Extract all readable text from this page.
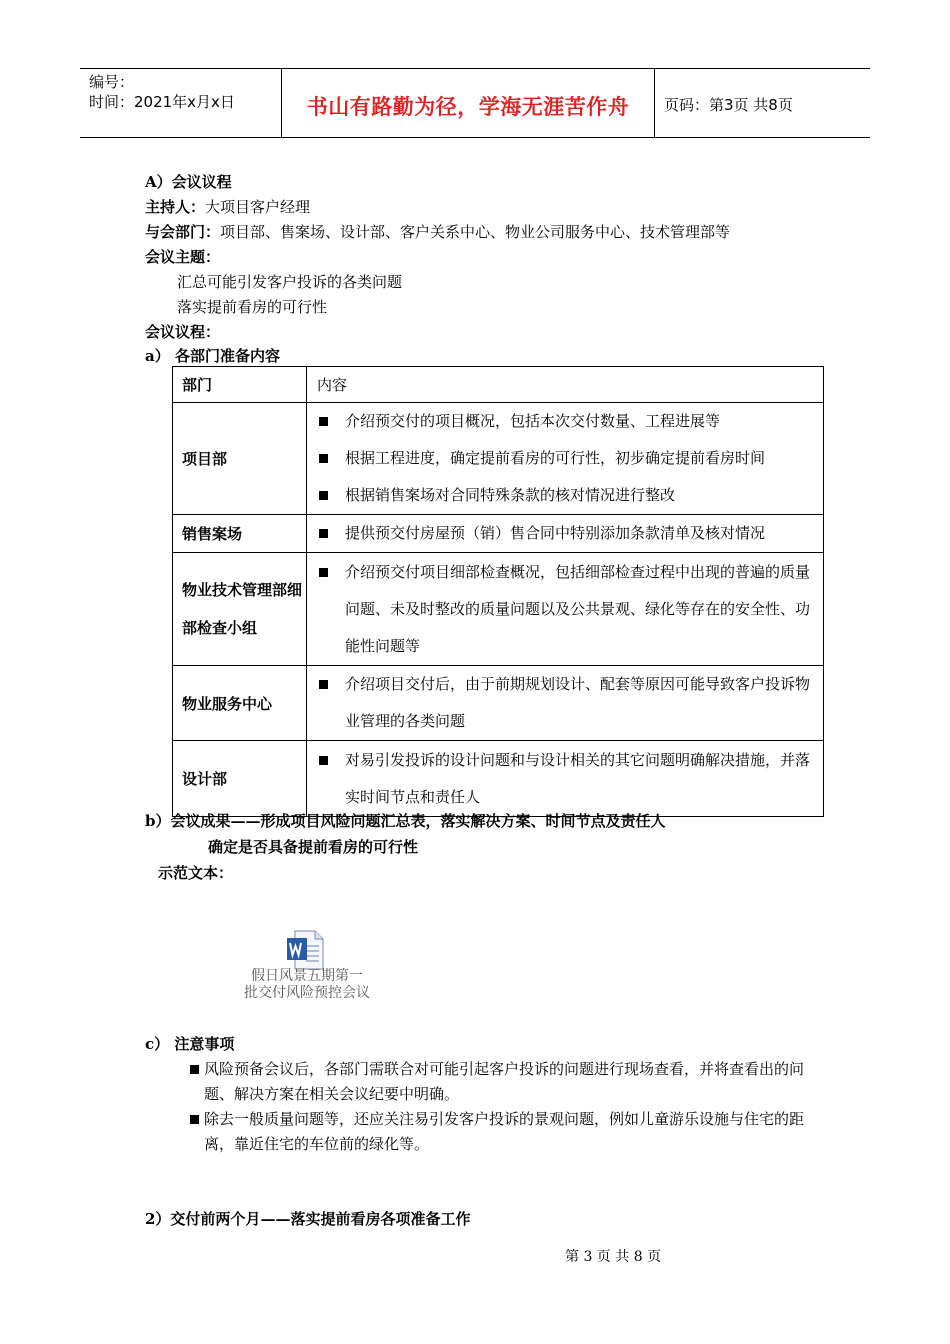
编号：
时间：2021年x月x日	书山有路勤为径，学海无涯苦作舟	页码：第3页 共8页
A）会议议程
主持人：大项目客户经理
与会部门：项目部、售案场、设计部、客户关系中心、物业公司服务中心、技术管理部等
会议主题：
汇总可能引发客户投诉的各类问题
落实提前看房的可行性
会议议程：
a） 各部门准备内容
部门	内容
项目部	介绍预交付的项目概况，包括本次交付数量、工程进展等
根据工程进度，确定提前看房的可行性，初步确定提前看房时间
根据销售案场对合同特殊条款的核对情况进行整改

销售案场	提供预交付房屋预（销）售合同中特别添加条款清单及核对情况

物业技术管理部细部检查小组	介绍预交付项目细部检查概况，包括细部检查过程中出现的普遍的质量问题、未及时整改的质量问题以及公共景观、绿化等存在的安全性、功能性问题等

物业服务中心	介绍项目交付后，由于前期规划设计、配套等原因可能导致客户投诉物业管理的各类问题

设计部	对易引发投诉的设计问题和与设计相关的其它问题明确解决措施，并落实时间节点和责任人
b）会议成果——形成项目风险问题汇总表，落实解决方案、时间节点及责任人
确定是否具备提前看房的可行性
示范文本：
假日风景五期第一
批交付风险预控会议
c） 注意事项
风险预备会议后，各部门需联合对可能引起客户投诉的问题进行现场查看，并将查看出的问题、解决方案在相关会议纪要中明确。
除去一般质量问题等，还应关注易引发客户投诉的景观问题，例如儿童游乐设施与住宅的距离，靠近住宅的车位前的绿化等。
2）交付前两个月——落实提前看房各项准备工作
第 3 页 共 8 页
